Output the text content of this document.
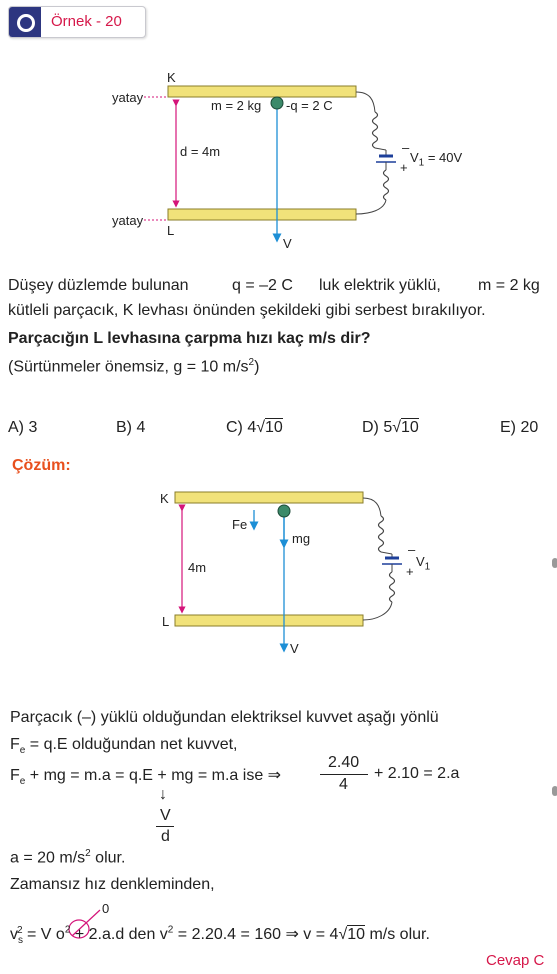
Örnek - 20
K
L
yatay
yatay
m = 2 kg -q = 2 C
d = 4m	–
+
$V_1 = 40V$
V
Düşey düzlemde bulunan	q = –2 C luk elektrik yüklü, m = 2 kg
kütleli parçacık, K levhası önünden şekildeki gibi serbest bırakılıyor.
Parçacığın L levhasına çarpma hızı kaç m/s dir?
(Sürtünmeler önemsiz, g = 10 $m/s^2$)
A) 3	B) 4	C) 4√10	D) 5√10	E) 20
Çözüm:
K
L
Fe
mg
4m
–
+
$V_1$
V
Parçacık (–) yüklü olduğundan elektriksel kuvvet aşağı yönlü
$F_e = q.E$ olduğundan net kuvvet,
$F_e$ + mg = m.a = q.E + mg = m.a ise ⇒
2.40
4
+ 2.10 = 2.a
↓
V
d
a = 20 $m/s^2$ olur.
Zamansız hız denkleminden,
0
$v_s^2 = V$ $o^2 + 2.a.d$ den $v^2 = 2.20.4 = 160$ ⇒ v = 4√10 m/s olur.
Cevap C
